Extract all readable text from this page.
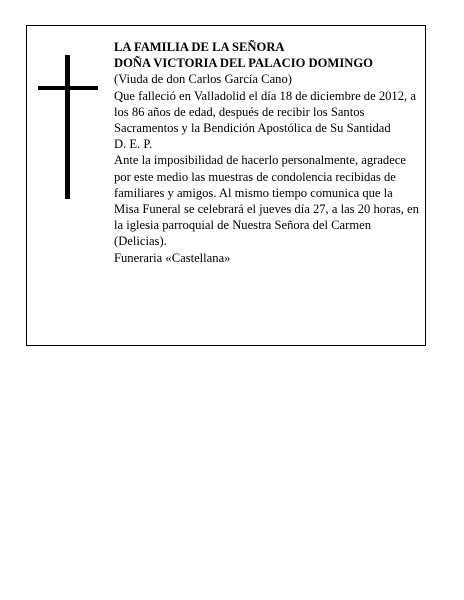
LA FAMILIA DE LA SEÑORA

DOÑA VICTORIA DEL PALACIO DOMINGO

(Viuda de don Carlos García Cano)

Que falleció en Valladolid el día 18 de diciembre de 2012, a los 86 años de edad, después de recibir los Santos Sacramentos y la Bendición Apostólica de Su Santidad

D. E. P.

Ante la imposibilidad de hacerlo personalmente, agradece por este medio las muestras de condolencia recibidas de familiares y amigos. Al mismo tiempo comunica que la Misa Funeral se celebrará el jueves día 27, a las 20 horas, en la iglesia parroquial de Nuestra Señora del Carmen (Delicias).

Funeraria «Castellana»
